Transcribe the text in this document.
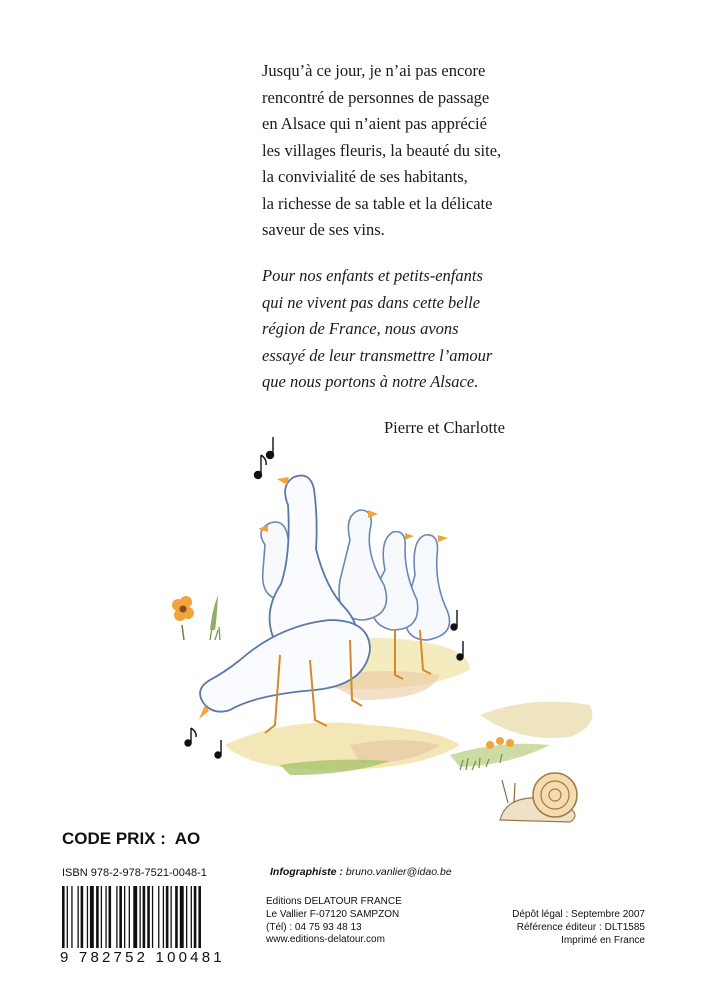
Jusqu’à ce jour, je n’ai pas encore
rencontré de personnes de passage
en Alsace qui n’aient pas apprécié
les villages fleuris, la beauté du site,
la convivialité de ses habitants,
la richesse de sa table et la délicate
saveur de ses vins.
Pour nos enfants et petits-enfants
qui ne vivent pas dans cette belle
région de France, nous avons
essayé de leur transmettre l’amour
que nous portons à notre Alsace.
Pierre et Charlotte
CODE PRIX : AO
ISBN 978-2-978-7521-0048-1
9 782752 100481
Infographiste : bruno.vanlier@idao.be
Editions DELATOUR FRANCE
Le Vallier F-07120 SAMPZON
(Tél) : 04 75 93 48 13
www.editions-delatour.com
Dépôt légal : Septembre 2007
Référence éditeur : DLT1585
Imprimé en France
